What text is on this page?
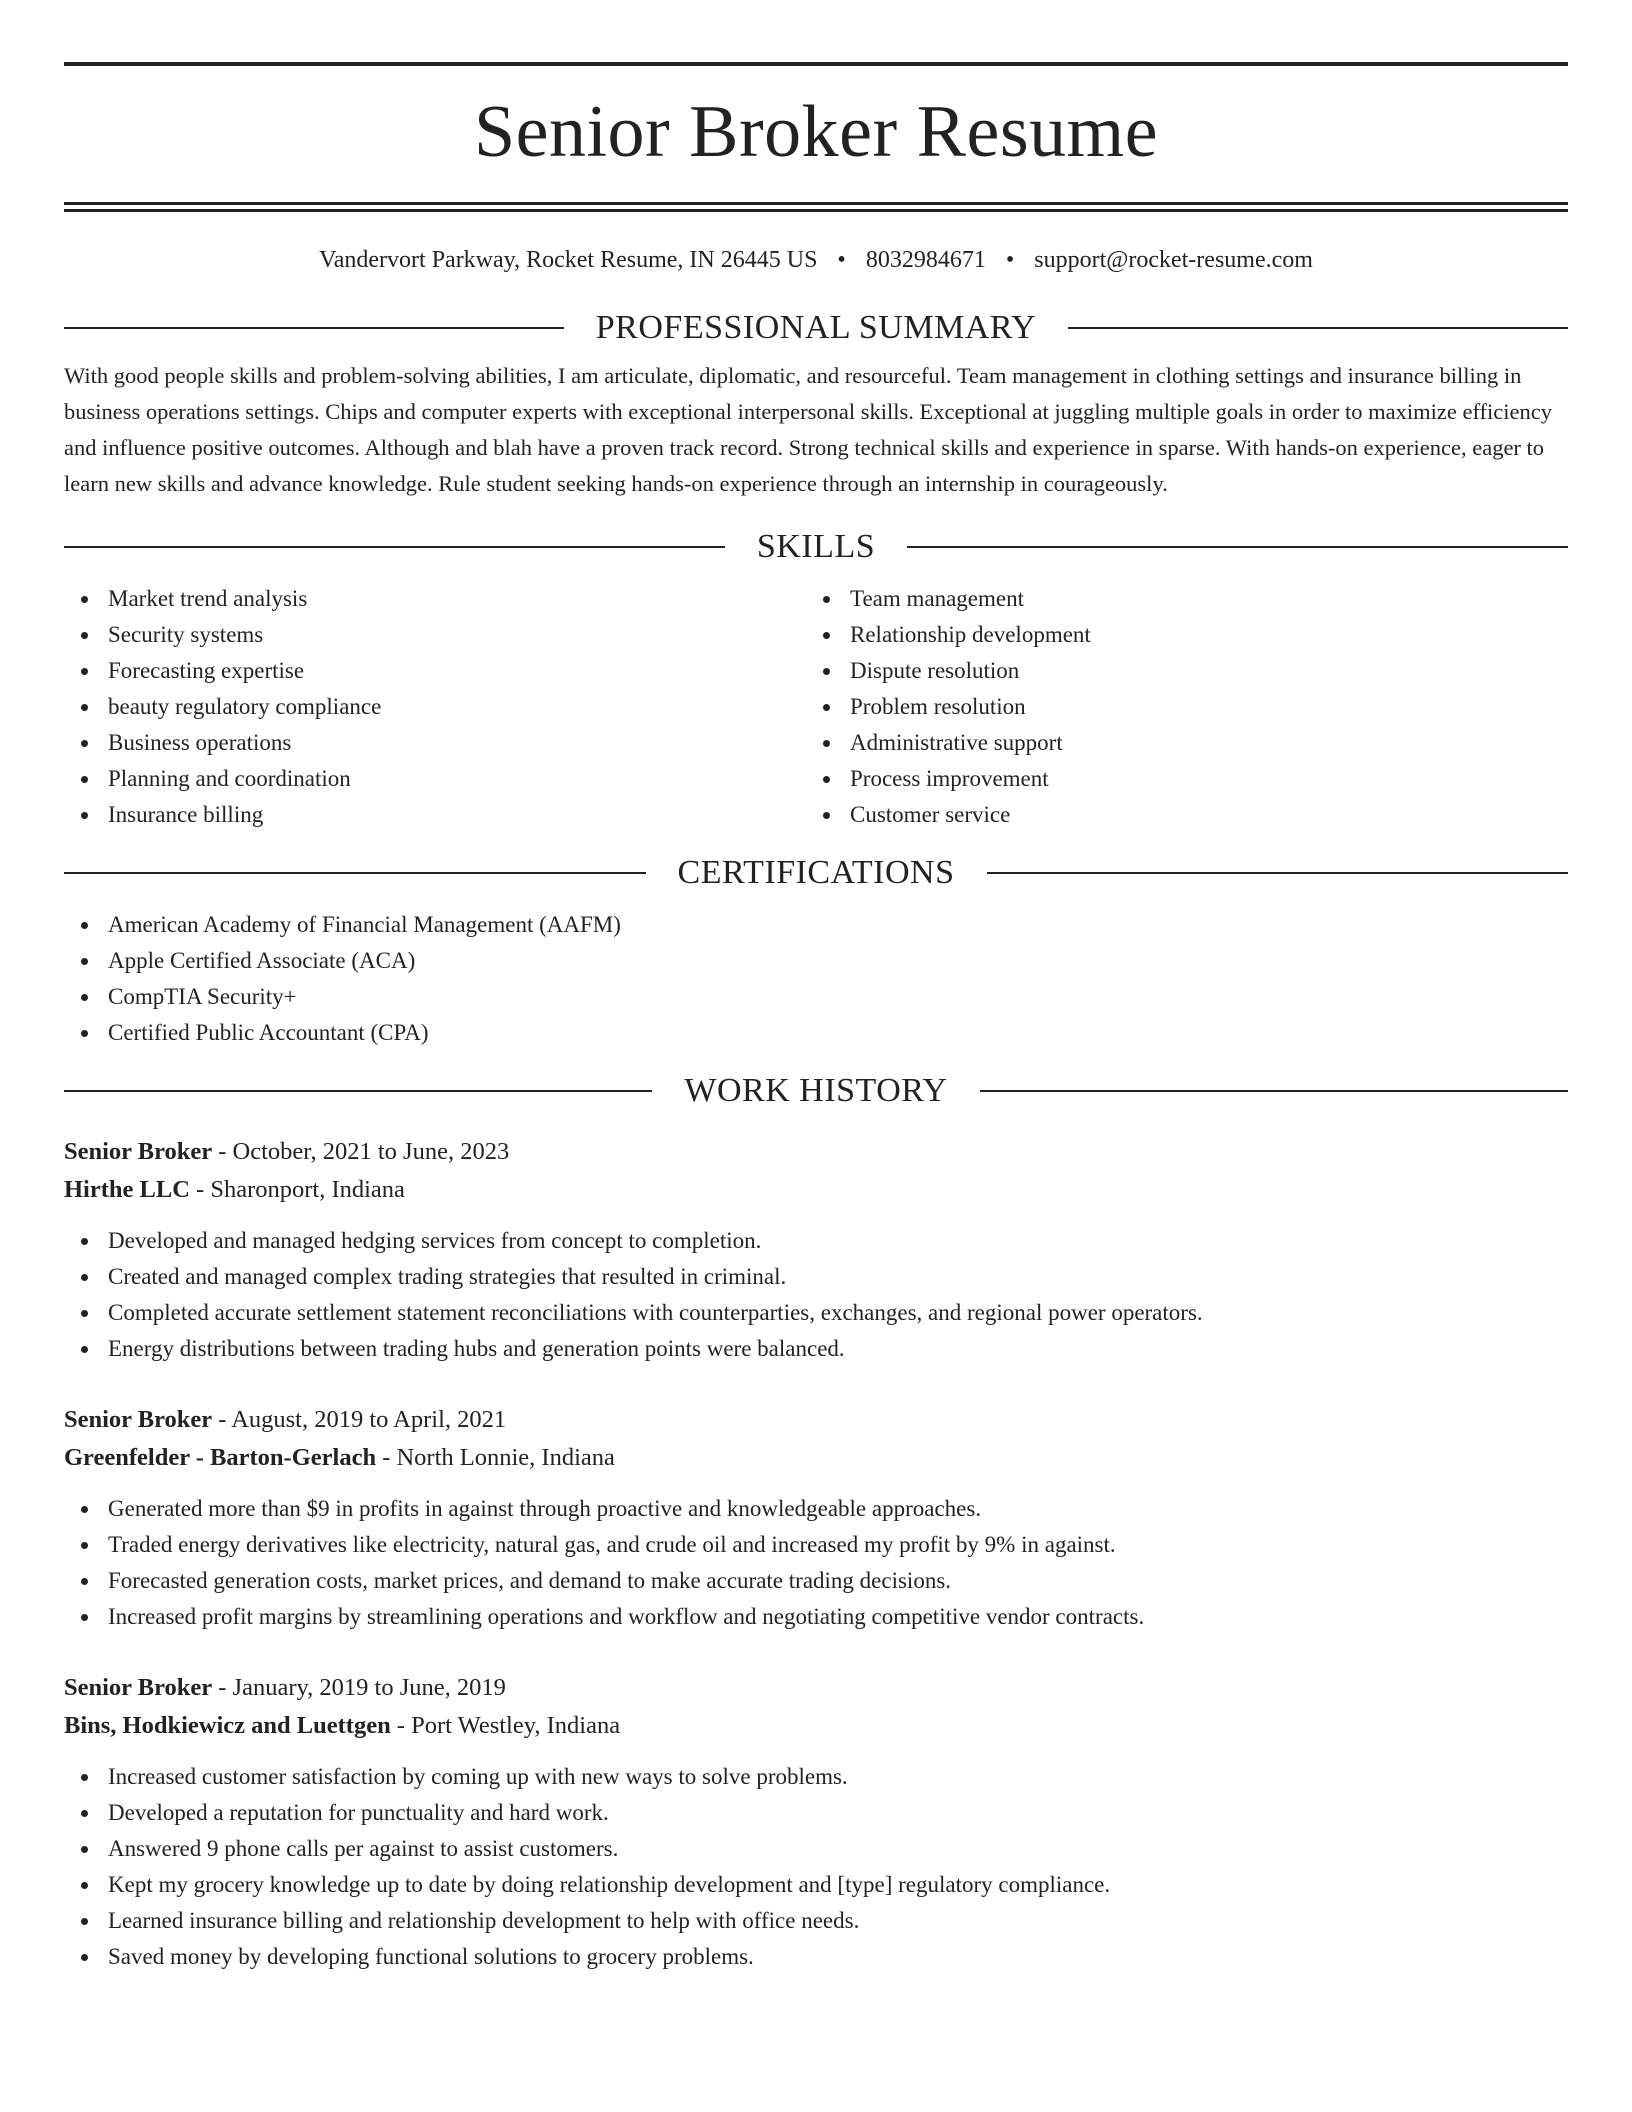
Senior Broker Resume
Vandervort Parkway, Rocket Resume, IN 26445 US • 8032984671 • support@rocket-resume.com
PROFESSIONAL SUMMARY

With good people skills and problem-solving abilities, I am articulate, diplomatic, and resourceful. Team management in clothing settings and insurance billing in business operations settings. Chips and computer experts with exceptional interpersonal skills. Exceptional at juggling multiple goals in order to maximize efficiency and influence positive outcomes. Although and blah have a proven track record. Strong technical skills and experience in sparse. With hands-on experience, eager to learn new skills and advance knowledge. Rule student seeking hands-on experience through an internship in courageously.

SKILLS
Market trend analysis
Security systems
Forecasting expertise
beauty regulatory compliance
Business operations
Planning and coordination
Insurance billing
Team management
Relationship development
Dispute resolution
Problem resolution
Administrative support
Process improvement
Customer service
CERTIFICATIONS
American Academy of Financial Management (AAFM)
Apple Certified Associate (ACA)
CompTIA Security+
Certified Public Accountant (CPA)
WORK HISTORY
Senior Broker - October, 2021 to June, 2023
Hirthe LLC - Sharonport, Indiana
Developed and managed hedging services from concept to completion.
Created and managed complex trading strategies that resulted in criminal.
Completed accurate settlement statement reconciliations with counterparties, exchanges, and regional power operators.
Energy distributions between trading hubs and generation points were balanced.
Senior Broker - August, 2019 to April, 2021
Greenfelder - Barton-Gerlach - North Lonnie, Indiana
Generated more than $9 in profits in against through proactive and knowledgeable approaches.
Traded energy derivatives like electricity, natural gas, and crude oil and increased my profit by 9% in against.
Forecasted generation costs, market prices, and demand to make accurate trading decisions.
Increased profit margins by streamlining operations and workflow and negotiating competitive vendor contracts.
Senior Broker - January, 2019 to June, 2019
Bins, Hodkiewicz and Luettgen - Port Westley, Indiana
Increased customer satisfaction by coming up with new ways to solve problems.
Developed a reputation for punctuality and hard work.
Answered 9 phone calls per against to assist customers.
Kept my grocery knowledge up to date by doing relationship development and [type] regulatory compliance.
Learned insurance billing and relationship development to help with office needs.
Saved money by developing functional solutions to grocery problems.
